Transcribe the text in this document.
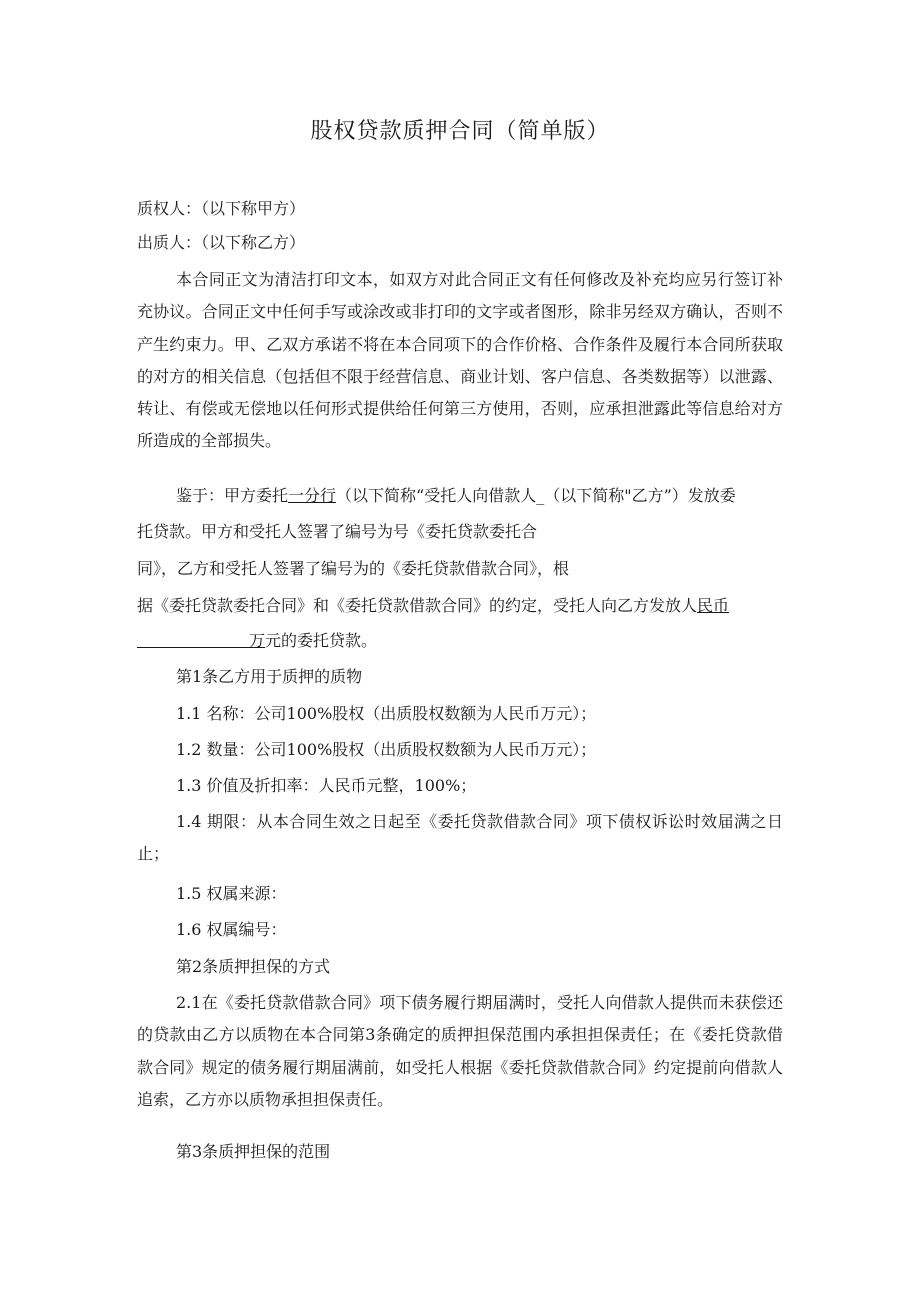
股权贷款质押合同（简单版）
质权人：（以下称甲方）
出质人：（以下称乙方）
本合同正文为清洁打印文本，如双方对此合同正文有任何修改及补充均应另行签订补充协议。合同正文中任何手写或涂改或非打印的文字或者图形，除非另经双方确认，否则不产生约束力。甲、乙双方承诺不将在本合同项下的合作价格、合作条件及履行本合同所获取的对方的相关信息（包括但不限于经营信息、商业计划、客户信息、各类数据等）以泄露、转让、有偿或无偿地以任何形式提供给任何第三方使用，否则，应承担泄露此等信息给对方所造成的全部损失。
鉴于：甲方委托一分行（以下简称“受托人向借款人_（以下简称"乙方”）发放委
托贷款。甲方和受托人签署了编号为号《委托贷款委托合
同》，乙方和受托人签署了编号为的《委托贷款借款合同》，根
据《委托贷款委托合同》和《委托贷款借款合同》的约定，受托人向乙方发放人民币
万元的委托贷款。
第1条乙方用于质押的质物
1.1 名称：公司100%股权（出质股权数额为人民币万元）；
1.2 数量：公司100%股权（出质股权数额为人民币万元）；
1.3 价值及折扣率：人民币元整，100%；
1.4 期限：从本合同生效之日起至《委托贷款借款合同》项下债权诉讼时效届满之日止；
1.5 权属来源：
1.6 权属编号：
第2条质押担保的方式
2.1在《委托贷款借款合同》项下债务履行期届满时，受托人向借款人提供而未获偿还的贷款由乙方以质物在本合同第3条确定的质押担保范围内承担担保责任；在《委托贷款借款合同》规定的债务履行期届满前，如受托人根据《委托贷款借款合同》约定提前向借款人追索，乙方亦以质物承担担保责任。
第3条质押担保的范围
